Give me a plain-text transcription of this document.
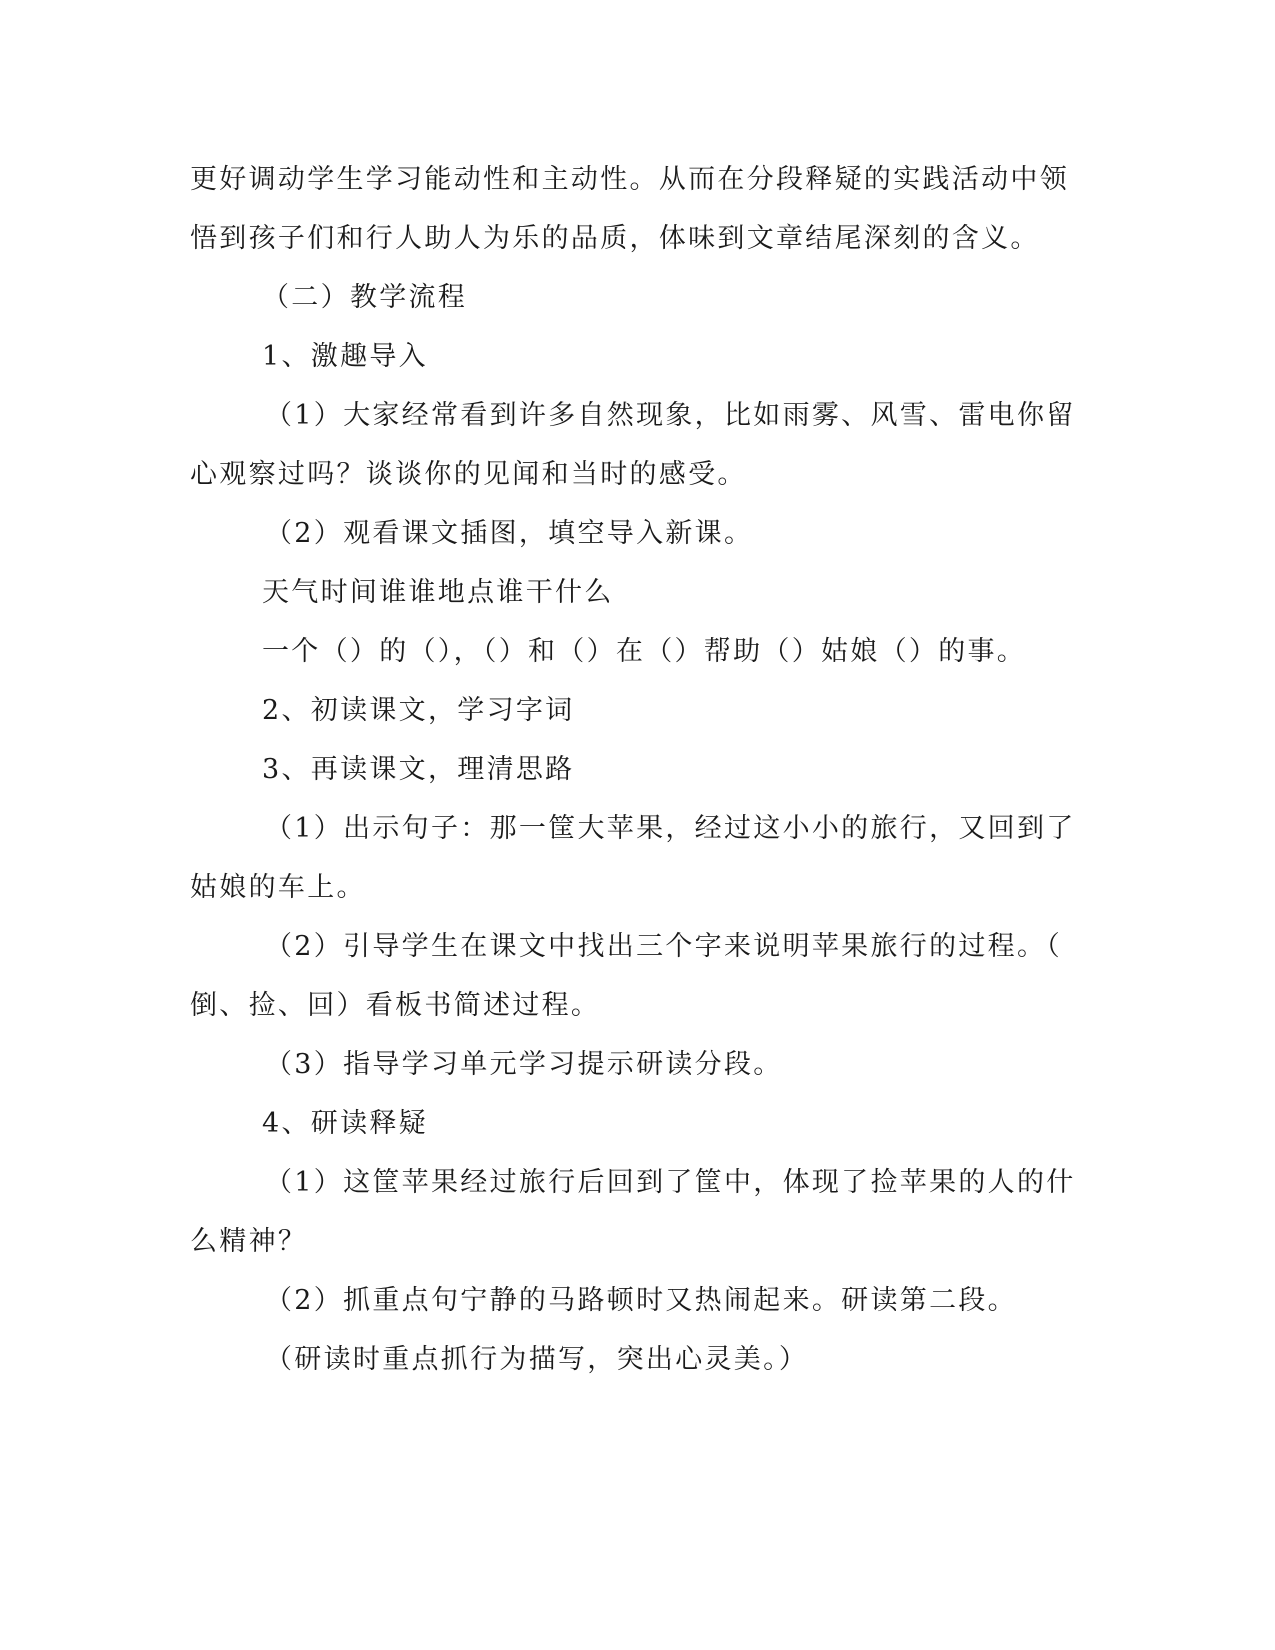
更好调动学生学习能动性和主动性。从而在分段释疑的实践活动中领
悟到孩子们和行人助人为乐的品质，体味到文章结尾深刻的含义。
（二）教学流程
1、激趣导入
（1）大家经常看到许多自然现象，比如雨雾、风雪、雷电你留
心观察过吗？谈谈你的见闻和当时的感受。
（2）观看课文插图，填空导入新课。
天气时间谁谁地点谁干什么
一个（）的（），（）和（）在（）帮助（）姑娘（）的事。
2、初读课文，学习字词
3、再读课文，理清思路
（1）出示句子：那一筐大苹果，经过这小小的旅行，又回到了
姑娘的车上。
（2）引导学生在课文中找出三个字来说明苹果旅行的过程。（
倒、捡、回）看板书简述过程。
（3）指导学习单元学习提示研读分段。
4、研读释疑
（1）这筐苹果经过旅行后回到了筐中，体现了捡苹果的人的什
么精神？
（2）抓重点句宁静的马路顿时又热闹起来。研读第二段。
（研读时重点抓行为描写，突出心灵美。）
